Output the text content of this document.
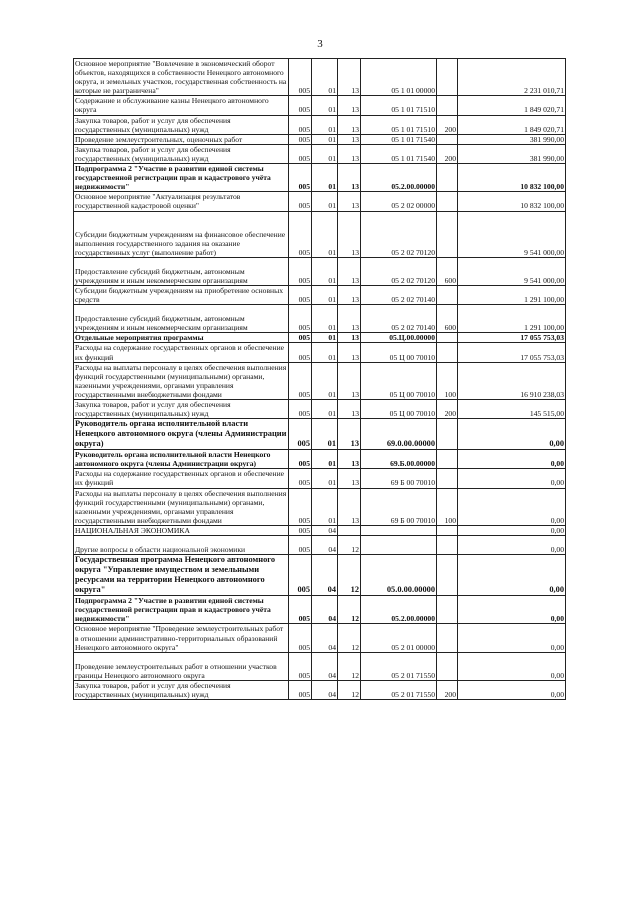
3
Основное мероприятие "Вовлечение в экономический оборот объектов, находящихся в собственности Ненецкого автономного округа, и земельных участков, государственная собственность на которые не разграничена"	005	01	13	05 1 01 00000		2 231 010,71
Содержание и обслуживание казны Ненецкого автономного округа	005	01	13	05 1 01 71510		1 849 020,71
Закупка товаров, работ и услуг для обеспечения государственных (муниципальных) нужд	005	01	13	05 1 01 71510	200	1 849 020,71
Проведение землеустроительных, оценочных работ	005	01	13	05 1 01 71540		381 990,00
Закупка товаров, работ и услуг для обеспечения государственных (муниципальных) нужд	005	01	13	05 1 01 71540	200	381 990,00
Подпрограмма 2 "Участие в развитии единой системы государственной регистрации прав и кадастрового учёта недвижимости"	005	01	13	05.2.00.00000		10 832 100,00
Основное мероприятие "Актуализация результатов государственной кадастровой оценки"	005	01	13	05 2 02 00000		10 832 100,00
Субсидии бюджетным учреждениям на финансовое обеспечение выполнения государственного задания на оказание государственных услуг (выполнение работ)	005	01	13	05 2 02 70120		9 541 000,00
Предоставление субсидий бюджетным, автономным учреждениям и иным некоммерческим организациям	005	01	13	05 2 02 70120	600	9 541 000,00
Субсидии бюджетным учреждениям на приобретение основных средств	005	01	13	05 2 02 70140		1 291 100,00
Предоставление субсидий бюджетным, автономным учреждениям и иным некоммерческим организациям	005	01	13	05 2 02 70140	600	1 291 100,00
Отдельные мероприятия программы	005	01	13	05.Ц.00.00000		17 055 753,03
Расходы на содержание государственных органов и обеспечение их функций	005	01	13	05 Ц 00 70010		17 055 753,03
Расходы на выплаты персоналу в целях обеспечения выполнения функций государственными (муниципальными) органами, казенными учреждениями, органами управления государственными внебюджетными фондами	005	01	13	05 Ц 00 70010	100	16 910 238,03
Закупка товаров, работ и услуг для обеспечения государственных (муниципальных) нужд	005	01	13	05 Ц 00 70010	200	145 515,00
Руководитель органа исполнительной власти Ненецкого автономного округа (члены Администрации округа)	005	01	13	69.0.00.00000		0,00
Руководитель органа исполнительной власти Ненецкого автономного округа (члены Администрации округа)	005	01	13	69.Б.00.00000		0,00
Расходы на содержание государственных органов и обеспечение их функций	005	01	13	69 Б 00 70010		0,00
Расходы на выплаты персоналу в целях обеспечения выполнения функций государственными (муниципальными) органами, казенными учреждениями, органами управления государственными внебюджетными фондами	005	01	13	69 Б 00 70010	100	0,00
НАЦИОНАЛЬНАЯ ЭКОНОМИКА	005	04				0,00
Другие вопросы в области национальной экономики	005	04	12			0,00
Государственная программа Ненецкого автономного округа "Управление имуществом и земельными ресурсами на территории Ненецкого автономного округа"	005	04	12	05.0.00.00000		0,00
Подпрограмма 2 "Участие в развитии единой системы государственной регистрации прав и кадастрового учёта недвижимости"	005	04	12	05.2.00.00000		0,00
Основное мероприятие "Проведение землеустроительных работ в отношении административно-территориальных образований Ненецкого автономного округа"	005	04	12	05 2 01 00000		0,00
Проведение землеустроительных работ в отношении участков границы Ненецкого автономного округа	005	04	12	05 2 01 71550		0,00
Закупка товаров, работ и услуг для обеспечения государственных (муниципальных) нужд	005	04	12	05 2 01 71550	200	0,00
